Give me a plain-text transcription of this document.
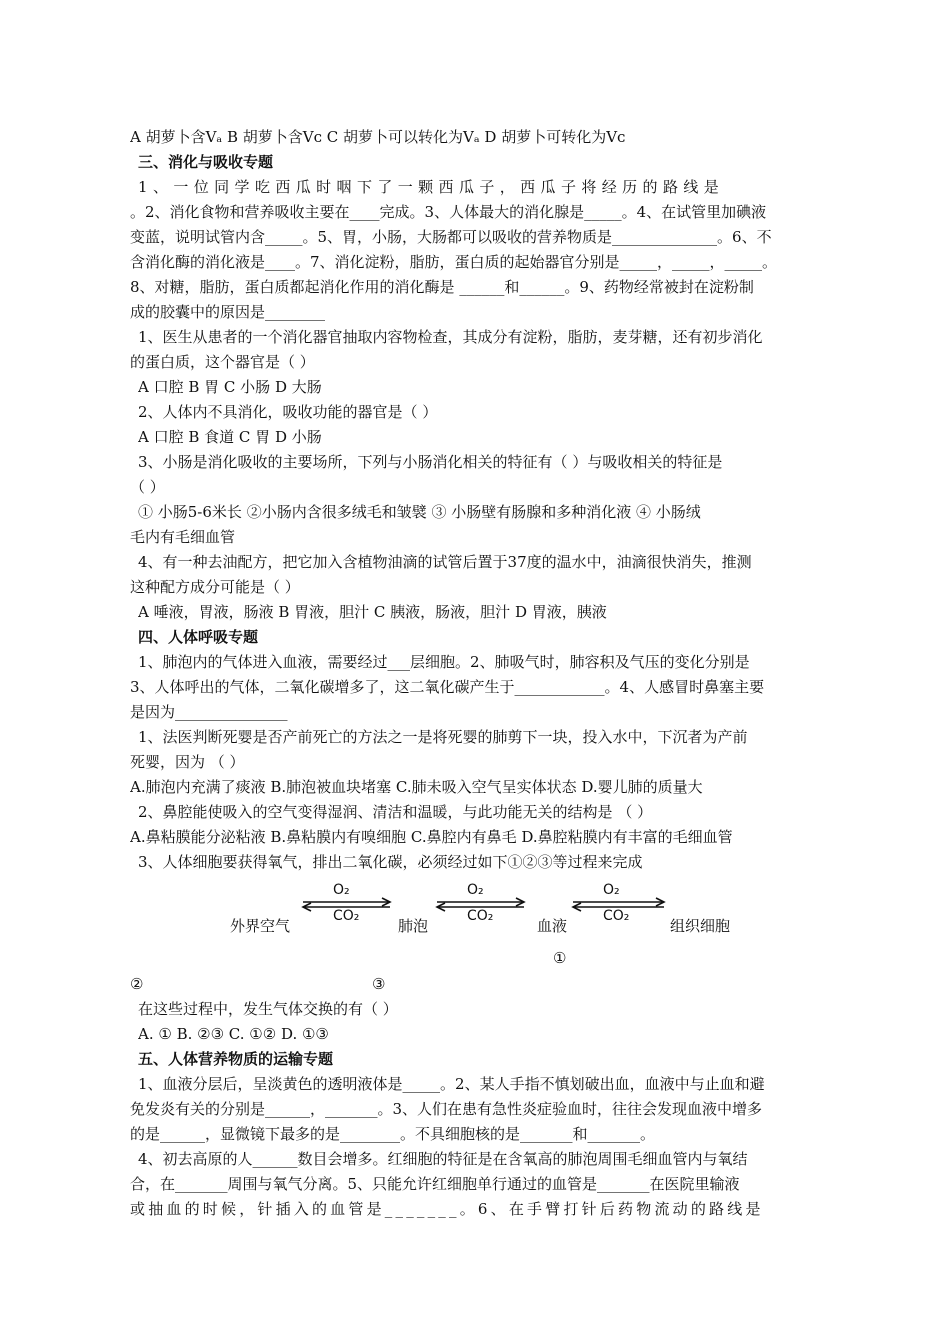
A 胡萝卜含Vₐ B 胡萝卜含Vᴄ C 胡萝卜可以转化为Vₐ D 胡萝卜可转化为Vᴄ
三、消化与吸收专题
1、一位同学吃西瓜时咽下了一颗西瓜子，西瓜子将经历的路线是
。2、消化食物和营养吸收主要在____完成。3、人体最大的消化腺是_____。4、在试管里加碘液
变蓝，说明试管内含_____。5、胃，小肠，大肠都可以吸收的营养物质是______________。6、不
含消化酶的消化液是____。7、消化淀粉，脂肪，蛋白质的起始器官分别是_____，_____，_____。
8、对糖，脂肪，蛋白质都起消化作用的消化酶是 ______和______。9、药物经常被封在淀粉制
成的胶囊中的原因是________
1、医生从患者的一个消化器官抽取内容物检查，其成分有淀粉，脂肪，麦芽糖，还有初步消化
的蛋白质，这个器官是（ ）
A 口腔 B 胃 C 小肠 D 大肠
2、人体内不具消化，吸收功能的器官是（ ）
A 口腔 B 食道 C 胃 D 小肠
3、小肠是消化吸收的主要场所，下列与小肠消化相关的特征有（ ）与吸收相关的特征是
（ ）
① 小肠5-6米长 ②小肠内含很多绒毛和皱襞 ③ 小肠壁有肠腺和多种消化液 ④ 小肠绒
毛内有毛细血管
4、有一种去油配方，把它加入含植物油滴的试管后置于37度的温水中，油滴很快消失，推测
这种配方成分可能是（ ）
A 唾液，胃液，肠液 B 胃液，胆汁 C 胰液，肠液，胆汁 D 胃液，胰液
四、人体呼吸专题
1、肺泡内的气体进入血液，需要经过___层细胞。2、肺吸气时，肺容积及气压的变化分别是
3、人体呼出的气体，二氧化碳增多了，这二氧化碳产生于____________。4、人感冒时鼻塞主要
是因为_______________
1、法医判断死婴是否产前死亡的方法之一是将死婴的肺剪下一块，投入水中，下沉者为产前
死婴，因为 （ ）
A.肺泡内充满了痰液 B.肺泡被血块堵塞 C.肺未吸入空气呈实体状态 D.婴儿肺的质量大
2、鼻腔能使吸入的空气变得湿润、清洁和温暖，与此功能无关的结构是 （ ）
A.鼻粘膜能分泌粘液 B.鼻粘膜内有嗅细胞 C.鼻腔内有鼻毛 D.鼻腔粘膜内有丰富的毛细血管
3、人体细胞要获得氧气，排出二氧化碳，必须经过如下①②③等过程来完成
外界空气	肺泡	血液	组织细胞
O₂
CO₂
O₂
CO₂
O₂
CO₂
①
②	③
在这些过程中，发生气体交换的有（ ）
A. ① B. ②③ C. ①② D. ①③
五、人体营养物质的运输专题
1、血液分层后，呈淡黄色的透明液体是_____。2、某人手指不慎划破出血，血液中与止血和避
免发炎有关的分别是______，_______。3、人们在患有急性炎症验血时，往往会发现血液中增多
的是______，显微镜下最多的是________。不具细胞核的是_______和_______。
4、初去高原的人______数目会增多。红细胞的特征是在含氧高的肺泡周围毛细血管内与氧结
合，在_______周围与氧气分离。5、只能允许红细胞单行通过的血管是_______在医院里输液
或抽血的时候，针插入的血管是_______。6、在手臂打针后药物流动的路线是
